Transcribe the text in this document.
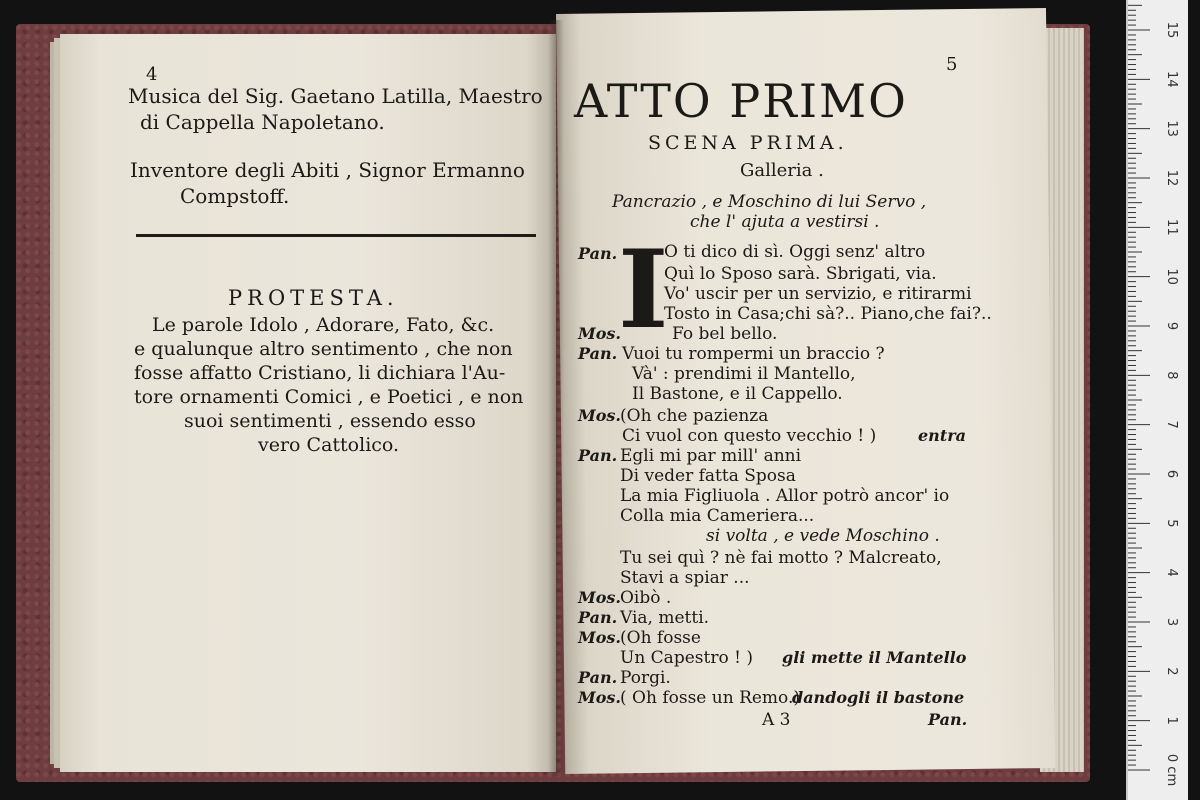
4
Musica del Sig. Gaetano Latilla, Maestro
di Cappella Napoletano.
Inventore degli Abiti , Signor Ermanno
Compstoff.
PROTESTA.
Le parole Idolo , Adorare, Fato, &c.
e qualunque altro sentimento , che non
fosse affatto Cristiano, li dichiara l'Au-
tore ornamenti Comici , e Poetici , e non
suoi sentimenti , essendo esso
vero Cattolico.
5
ATTO PRIMO
SCENA PRIMA.
Galleria .
Pancrazio , e Moschino di lui Servo ,
che l' ajuta a vestirsi .
I
Pan.
Mos.
Pan.
Mos.
Pan.
Mos.
Pan.
Mos.
Pan.
Mos.
O ti dico di sì. Oggi senz' altro
Quì lo Sposo sarà. Sbrigati, via.
Vo' uscir per un servizio, e ritirarmi
Tosto in Casa;chi sà?.. Piano,che fai?..
Fo bel bello.
Vuoi tu rompermi un braccio ?
Và' : prendimi il Mantello,
Il Bastone, e il Cappello.
(Oh che pazienza
Ci vuol con questo vecchio ! )
Egli mi par mill' anni
Di veder fatta Sposa
La mia Figliuola . Allor potrò ancor' io
Colla mia Cameriera...
Tu sei quì ? nè fai motto ? Malcreato,
Stavi a spiar ...
Oibò .
Via, metti.
(Oh fosse
Un Capestro ! )
Porgi.
( Oh fosse un Remo.)
entra
si volta , e vede Moschino .
gli mette il Mantello
dandogli il bastone
A 3	Pan.
0 cm
1
2
3
4
5
6
7
8
9
10
11
12
13
14
15
